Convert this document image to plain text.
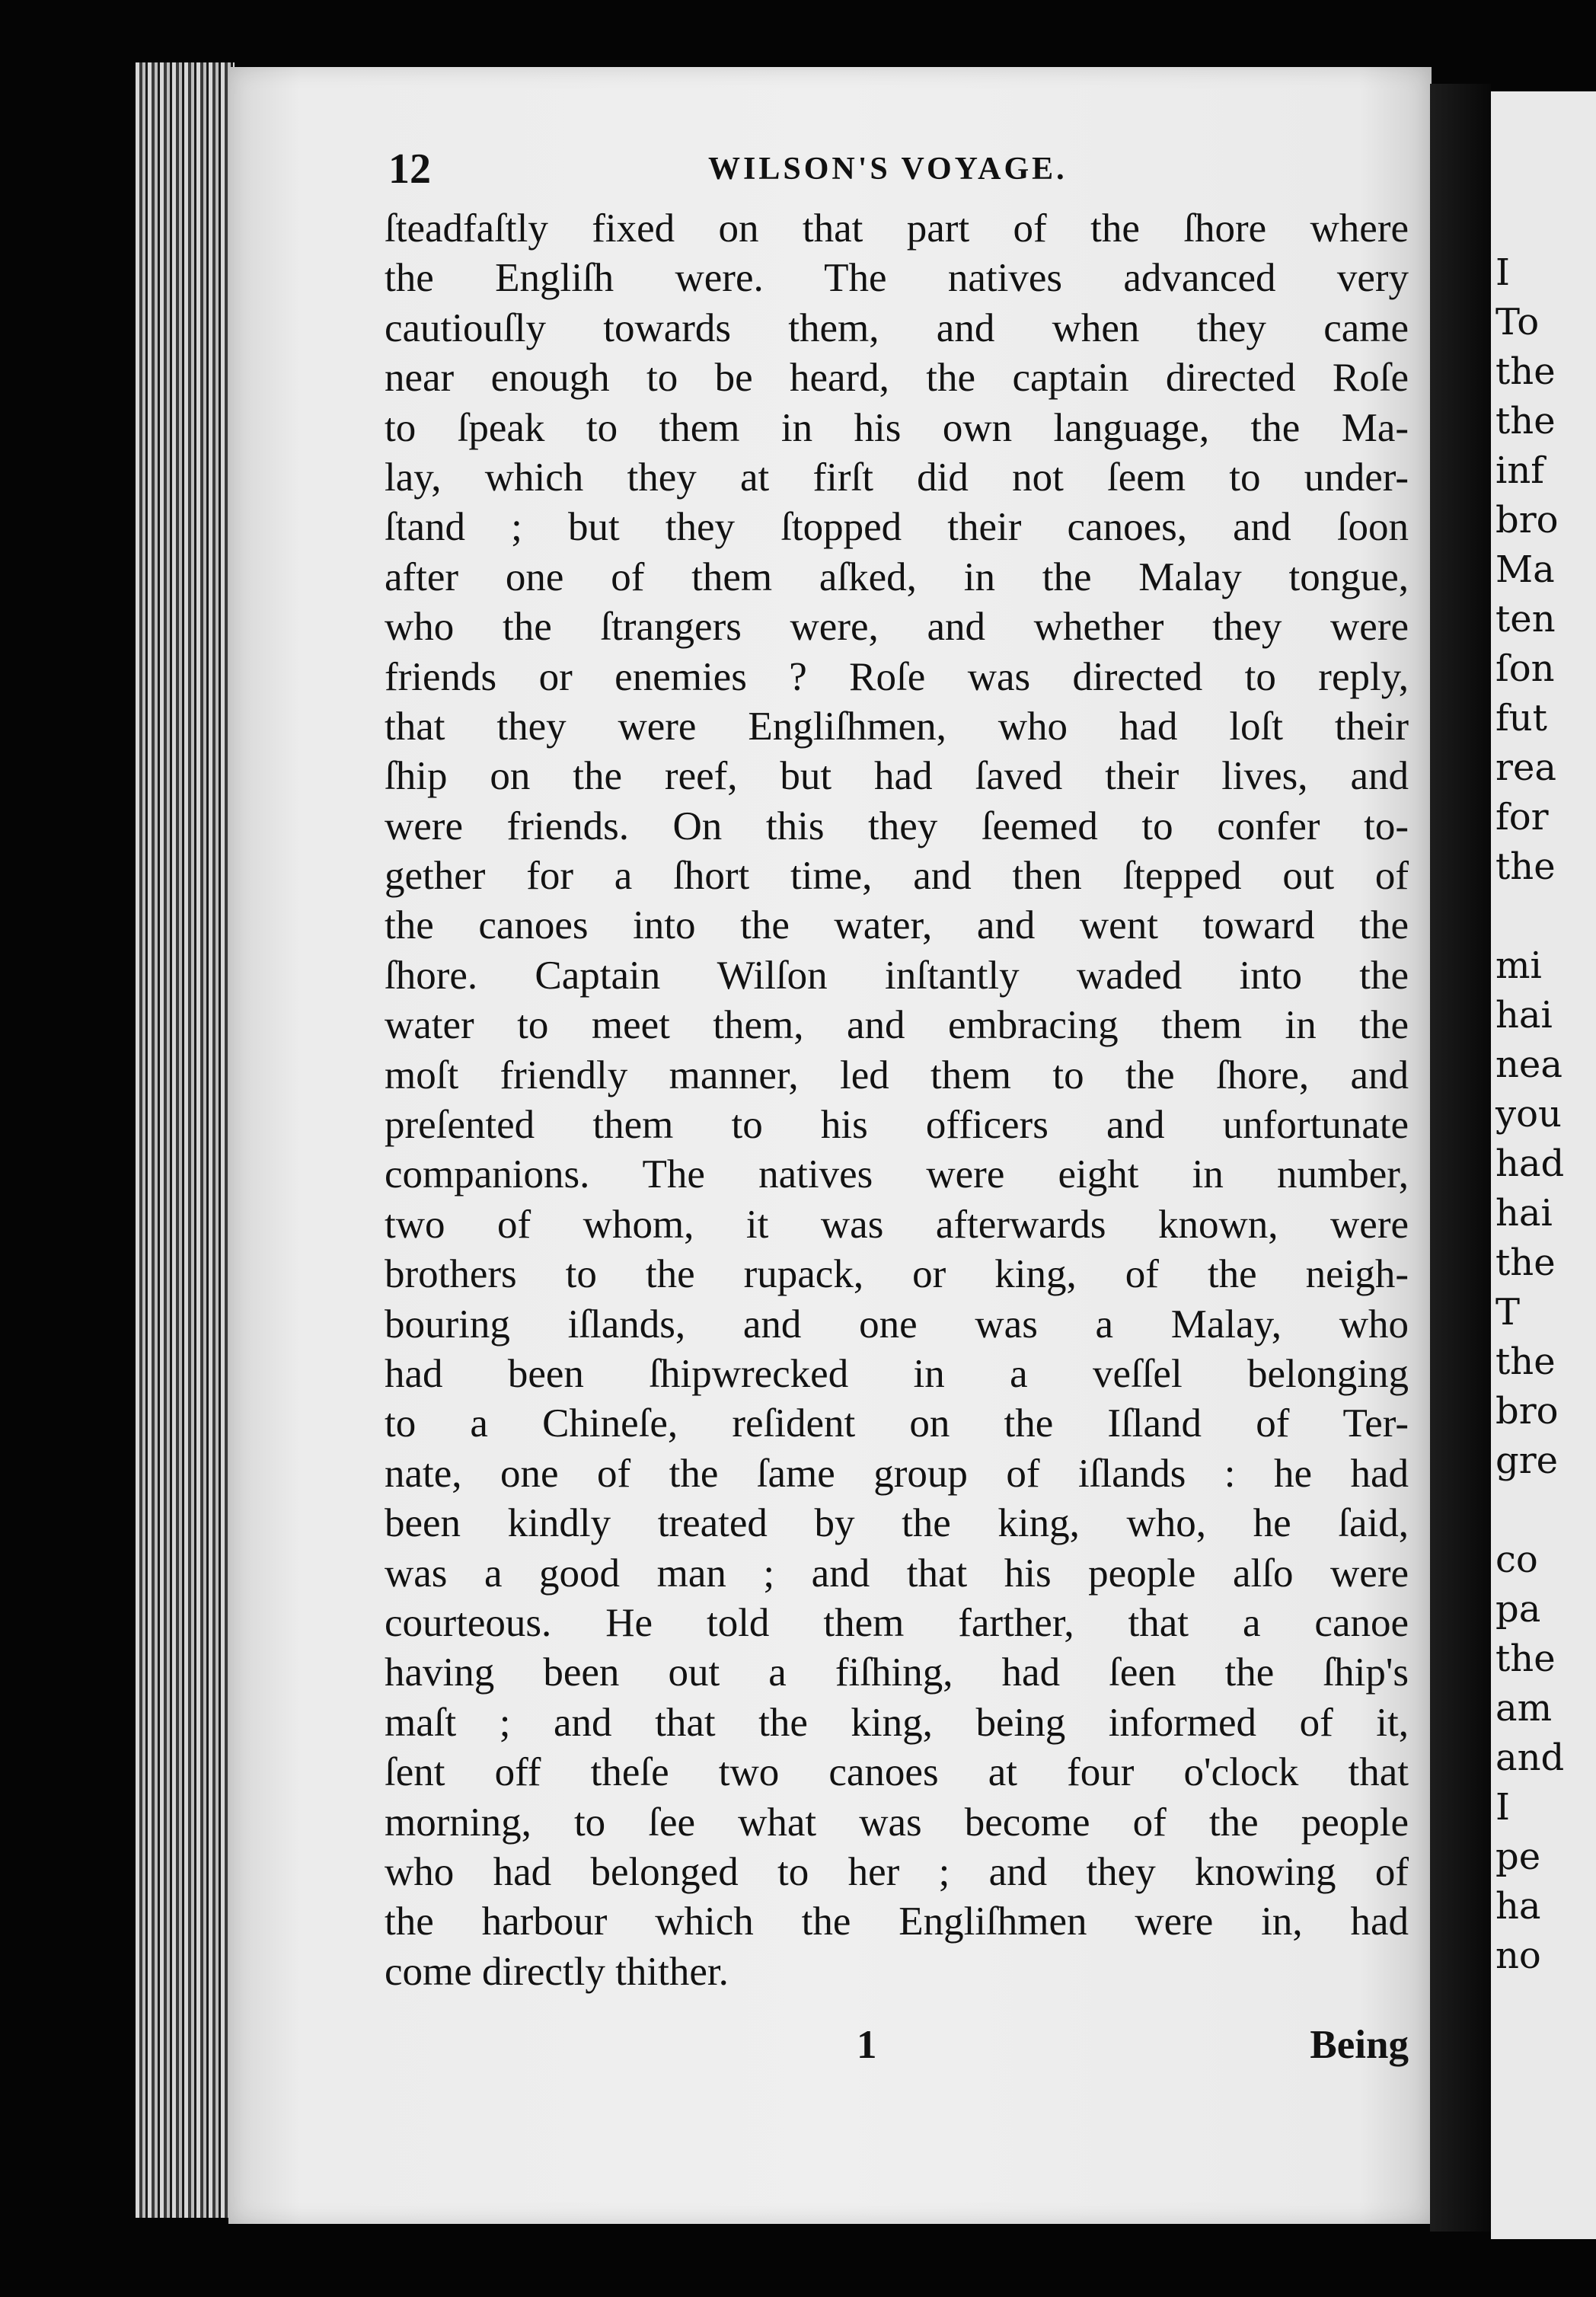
12	WILSON'S VOYAGE.
ſteadfaſtly fixed on that part of the ſhore where
the Engliſh were. The natives advanced very
cautiouſly towards them, and when they came
near enough to be heard, the captain directed Roſe
to ſpeak to them in his own language, the Ma-
lay, which they at firſt did not ſeem to under-
ſtand ; but they ſtopped their canoes, and ſoon
after one of them aſked, in the Malay tongue,
who the ſtrangers were, and whether they were
friends or enemies ? Roſe was directed to reply,
that they were Engliſhmen, who had loſt their
ſhip on the reef, but had ſaved their lives, and
were friends. On this they ſeemed to confer to-
gether for a ſhort time, and then ſtepped out of
the canoes into the water, and went toward the
ſhore. Captain Wilſon inſtantly waded into the
water to meet them, and embracing them in the
moſt friendly manner, led them to the ſhore, and
preſented them to his officers and unfortunate
companions. The natives were eight in number,
two of whom, it was afterwards known, were
brothers to the rupack, or king, of the neigh-
bouring iſlands, and one was a Malay, who
had been ſhipwrecked in a veſſel belonging
to a Chineſe, reſident on the Iſland of Ter-
nate, one of the ſame group of iſlands : he had
been kindly treated by the king, who, he ſaid,
was a good man ; and that his people alſo were
courteous. He told them farther, that a canoe
having been out a fiſhing, had ſeen the ſhip's
maſt ; and that the king, being informed of it,
ſent off theſe two canoes at four o'clock that
morning, to ſee what was become of the people
who had belonged to her ; and they knowing of
the harbour which the Engliſhmen were in, had
come directly thither.
1	Being
I
To
the
the
inf
bro
Ma
ten
ſon
fut
rea
for
the
mi
hai
nea
you
had
hai
the
T
the
bro
gre
co
pa
the
am
and
I
pe
ha
no
